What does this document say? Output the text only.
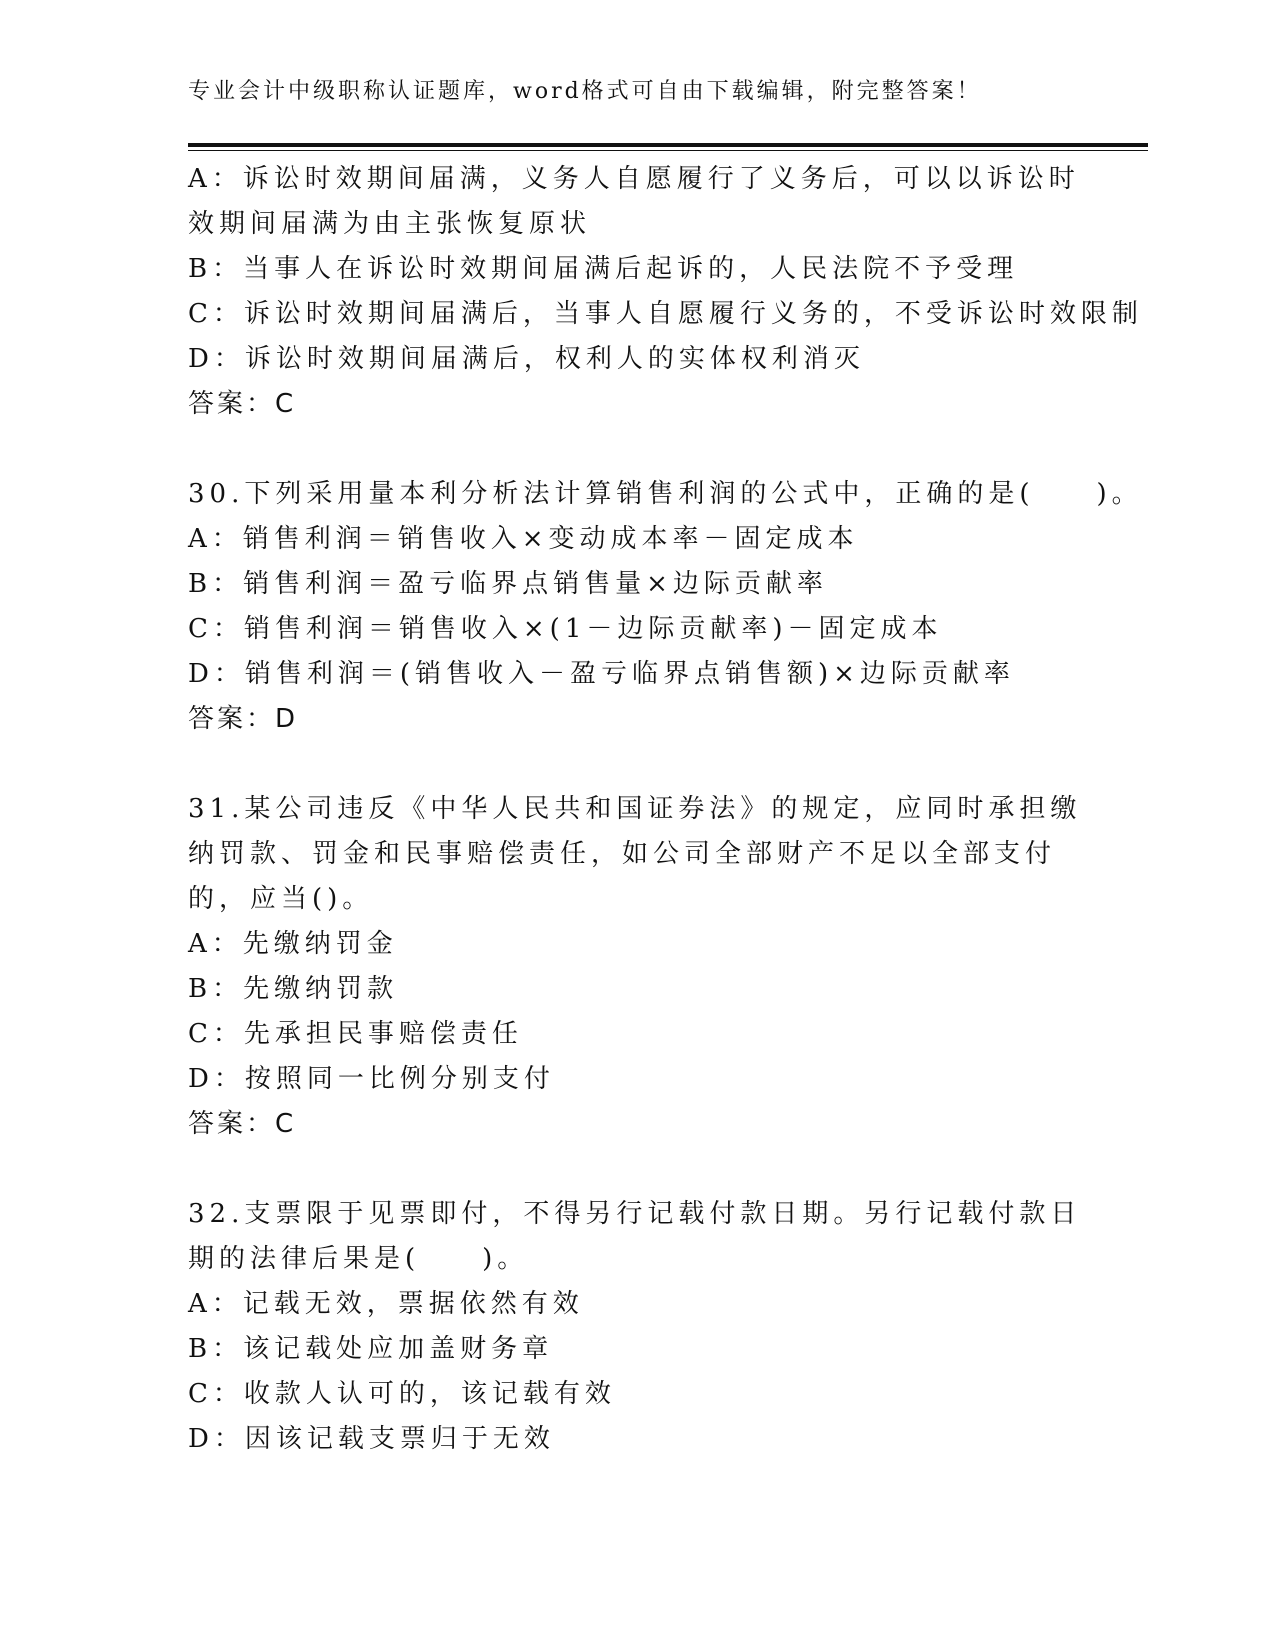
专业会计中级职称认证题库，word格式可自由下载编辑，附完整答案！
A：诉讼时效期间届满，义务人自愿履行了义务后，可以以诉讼时效期间届满为由主张恢复原状
B：当事人在诉讼时效期间届满后起诉的，人民法院不予受理
C：诉讼时效期间届满后，当事人自愿履行义务的，不受诉讼时效限制
D：诉讼时效期间届满后，权利人的实体权利消灭
答案：C
30.下列采用量本利分析法计算销售利润的公式中，正确的是(　　)。
A：销售利润＝销售收入×变动成本率－固定成本
B：销售利润＝盈亏临界点销售量×边际贡献率
C：销售利润＝销售收入×(1－边际贡献率)－固定成本
D：销售利润＝(销售收入－盈亏临界点销售额)×边际贡献率
答案：D
31.某公司违反《中华人民共和国证券法》的规定，应同时承担缴纳罚款、罚金和民事赔偿责任，如公司全部财产不足以全部支付的，应当()。
A：先缴纳罚金
B：先缴纳罚款
C：先承担民事赔偿责任
D：按照同一比例分别支付
答案：C
32.支票限于见票即付，不得另行记载付款日期。另行记载付款日期的法律后果是(　　)。
A：记载无效，票据依然有效
B：该记载处应加盖财务章
C：收款人认可的，该记载有效
D：因该记载支票归于无效
